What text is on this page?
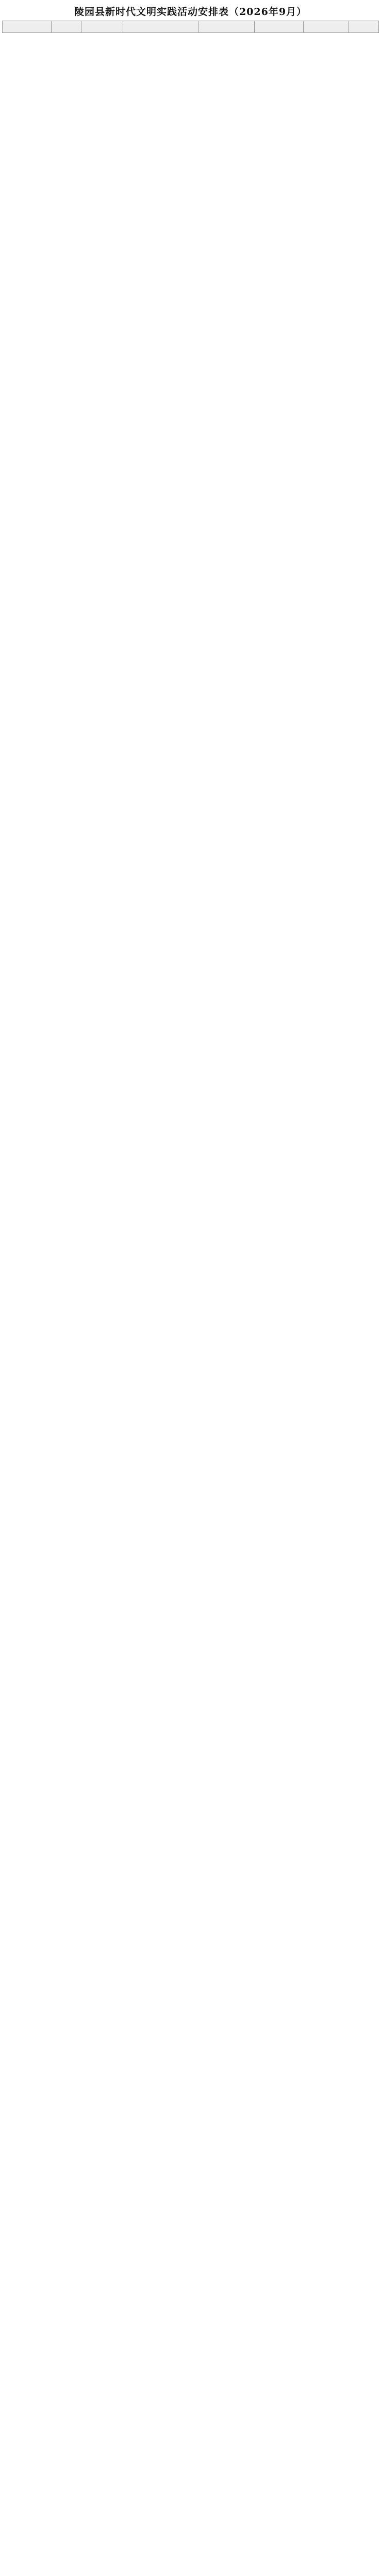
陵园县新时代文明实践活动安排表（2026年9月）
